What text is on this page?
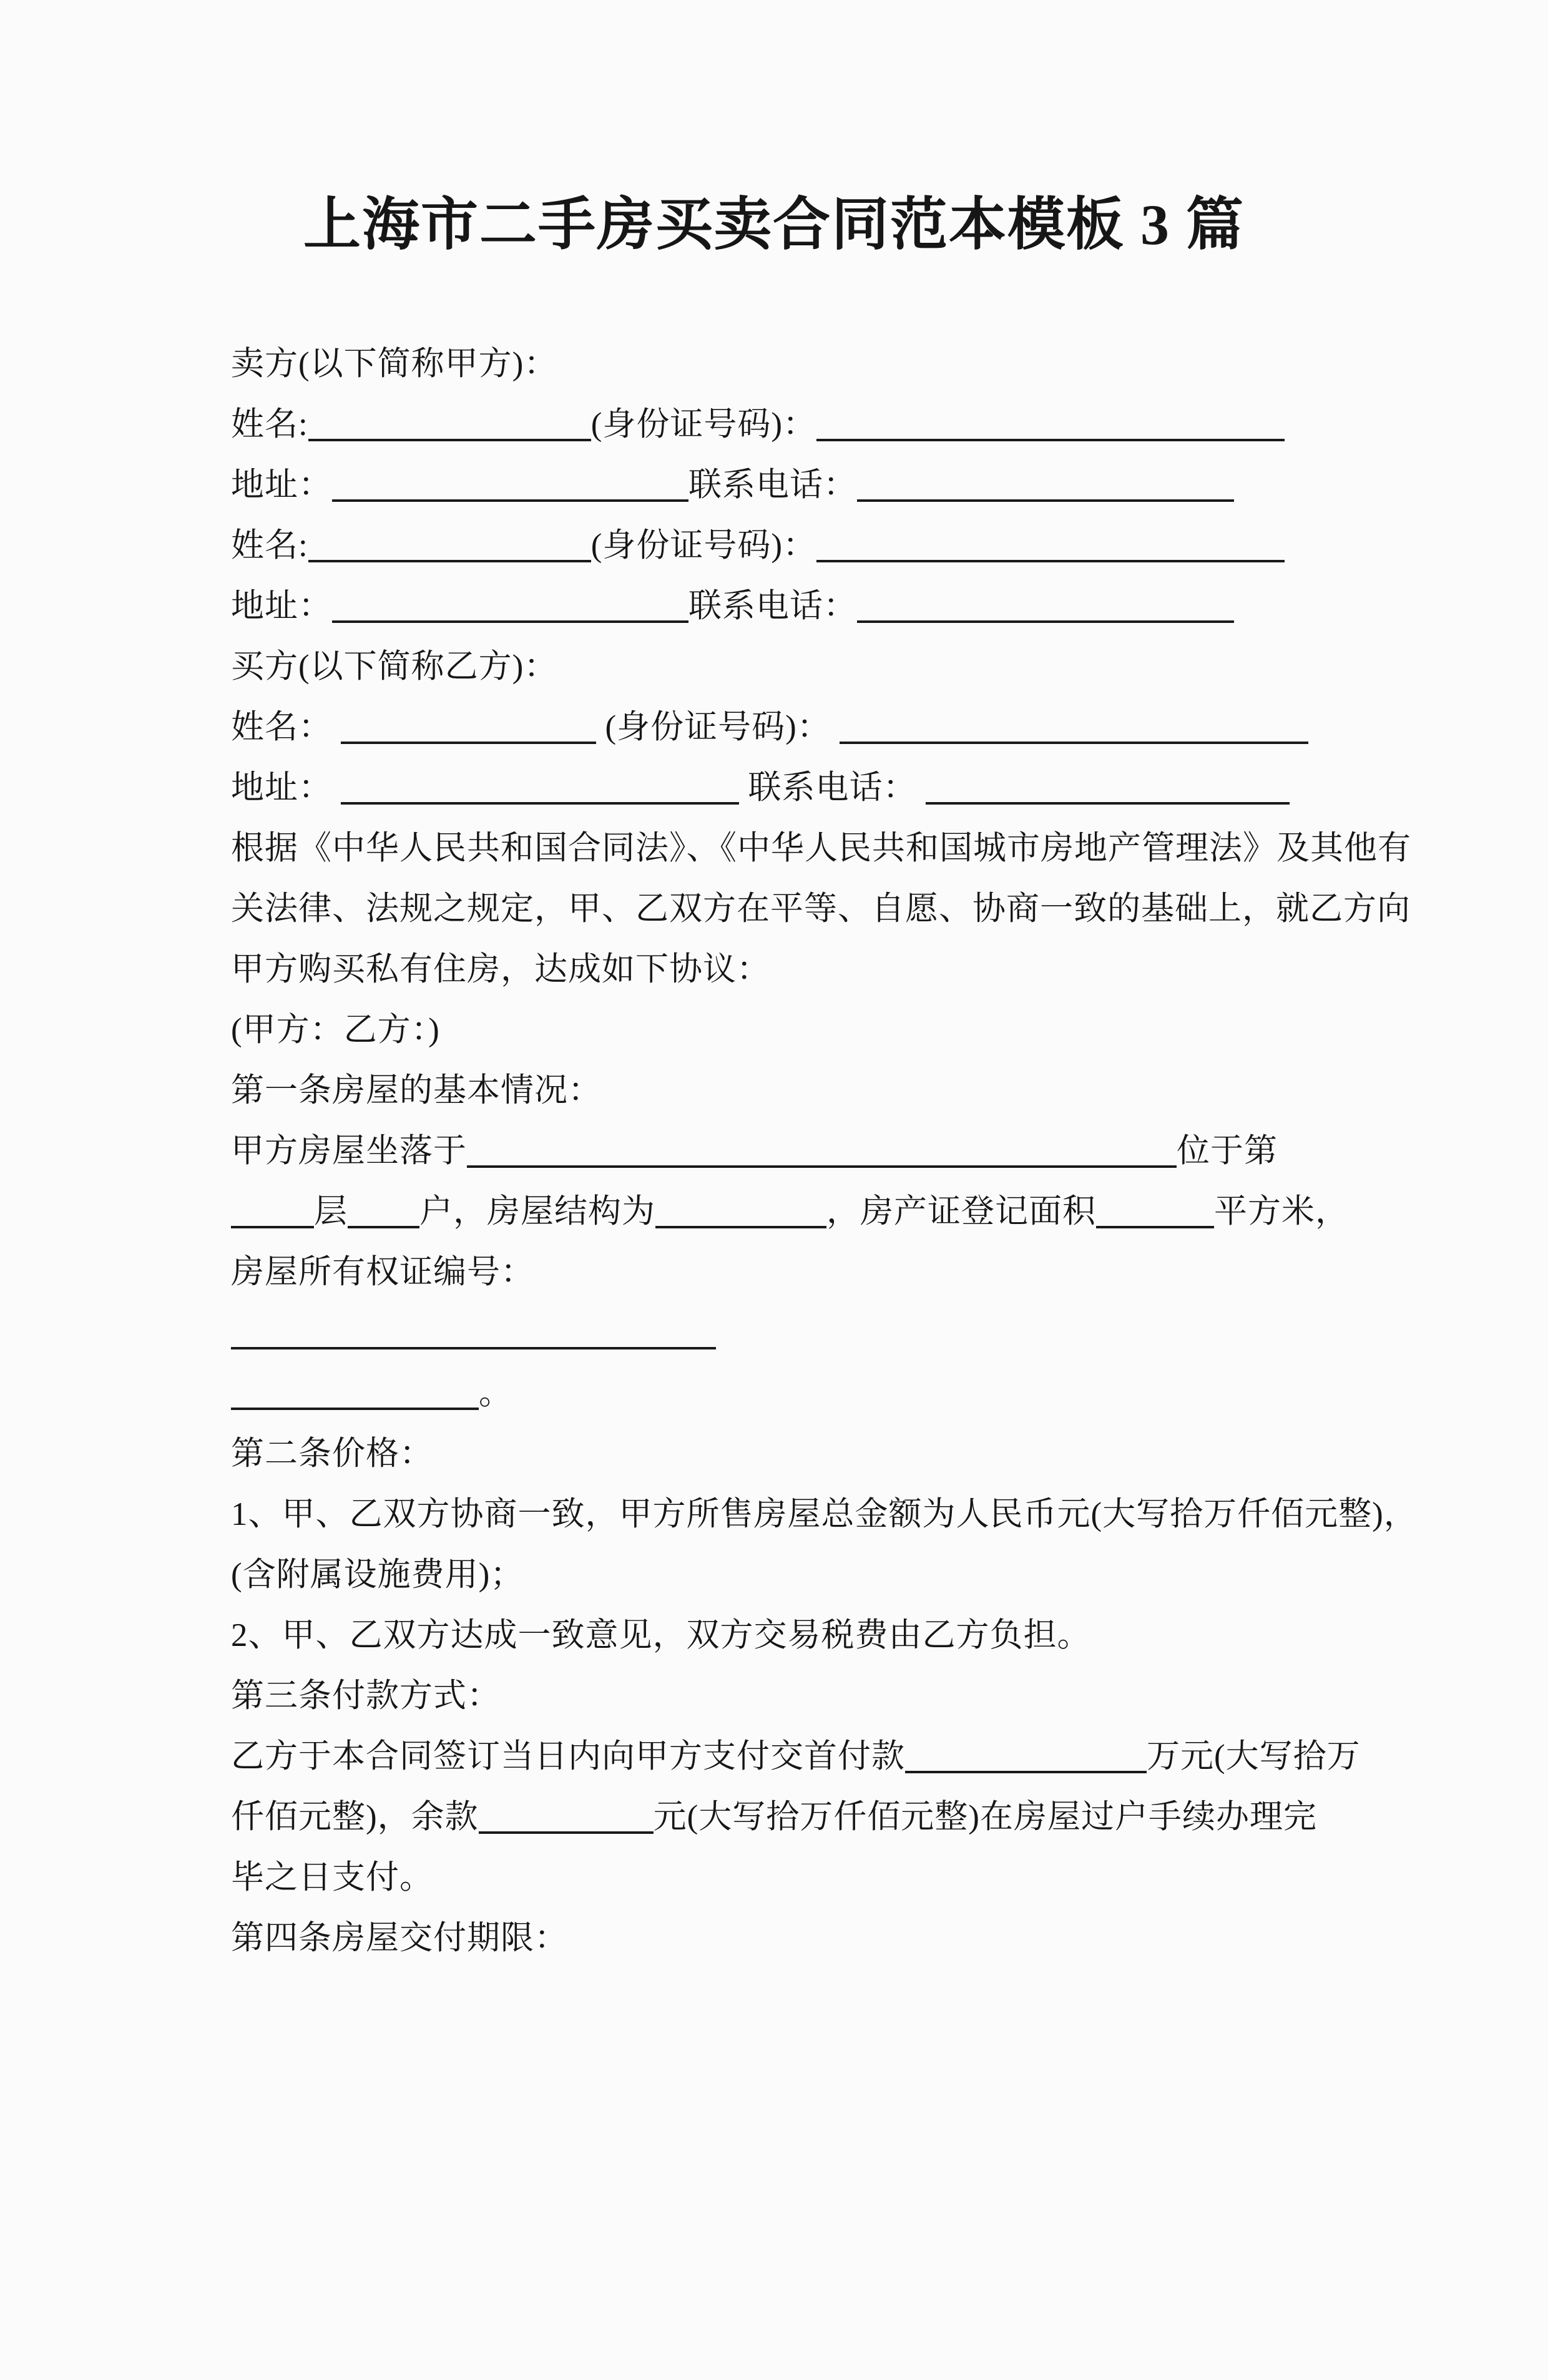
上海市二手房买卖合同范本模板 3 篇
卖方(以下简称甲方)：
姓名:	(身份证号码)：
地址：	联系电话：
姓名:	(身份证号码)：
地址：	联系电话：
买方(以下简称乙方)：
姓名：	(身份证号码)：
地址：	联系电话：
根据《中华人民共和国合同法》、《中华人民共和国城市房地产管理法》及其他有
关法律、法规之规定，甲、乙双方在平等、自愿、协商一致的基础上，就乙方向
甲方购买私有住房，达成如下协议：
(甲方：乙方：)
第一条房屋的基本情况：
甲方房屋坐落于	位于第
层 户，房屋结构为	，房产证登记面积	平方米，
房屋所有权证编号：
。
第二条价格：
1、甲、乙双方协商一致，甲方所售房屋总金额为人民币元(大写拾万仟佰元整)，
(含附属设施费用)；
2、甲、乙双方达成一致意见，双方交易税费由乙方负担。
第三条付款方式：
乙方于本合同签订当日内向甲方支付交首付款	万元(大写拾万
仟佰元整)，余款	元(大写拾万仟佰元整)在房屋过户手续办理完
毕之日支付。
第四条房屋交付期限：
